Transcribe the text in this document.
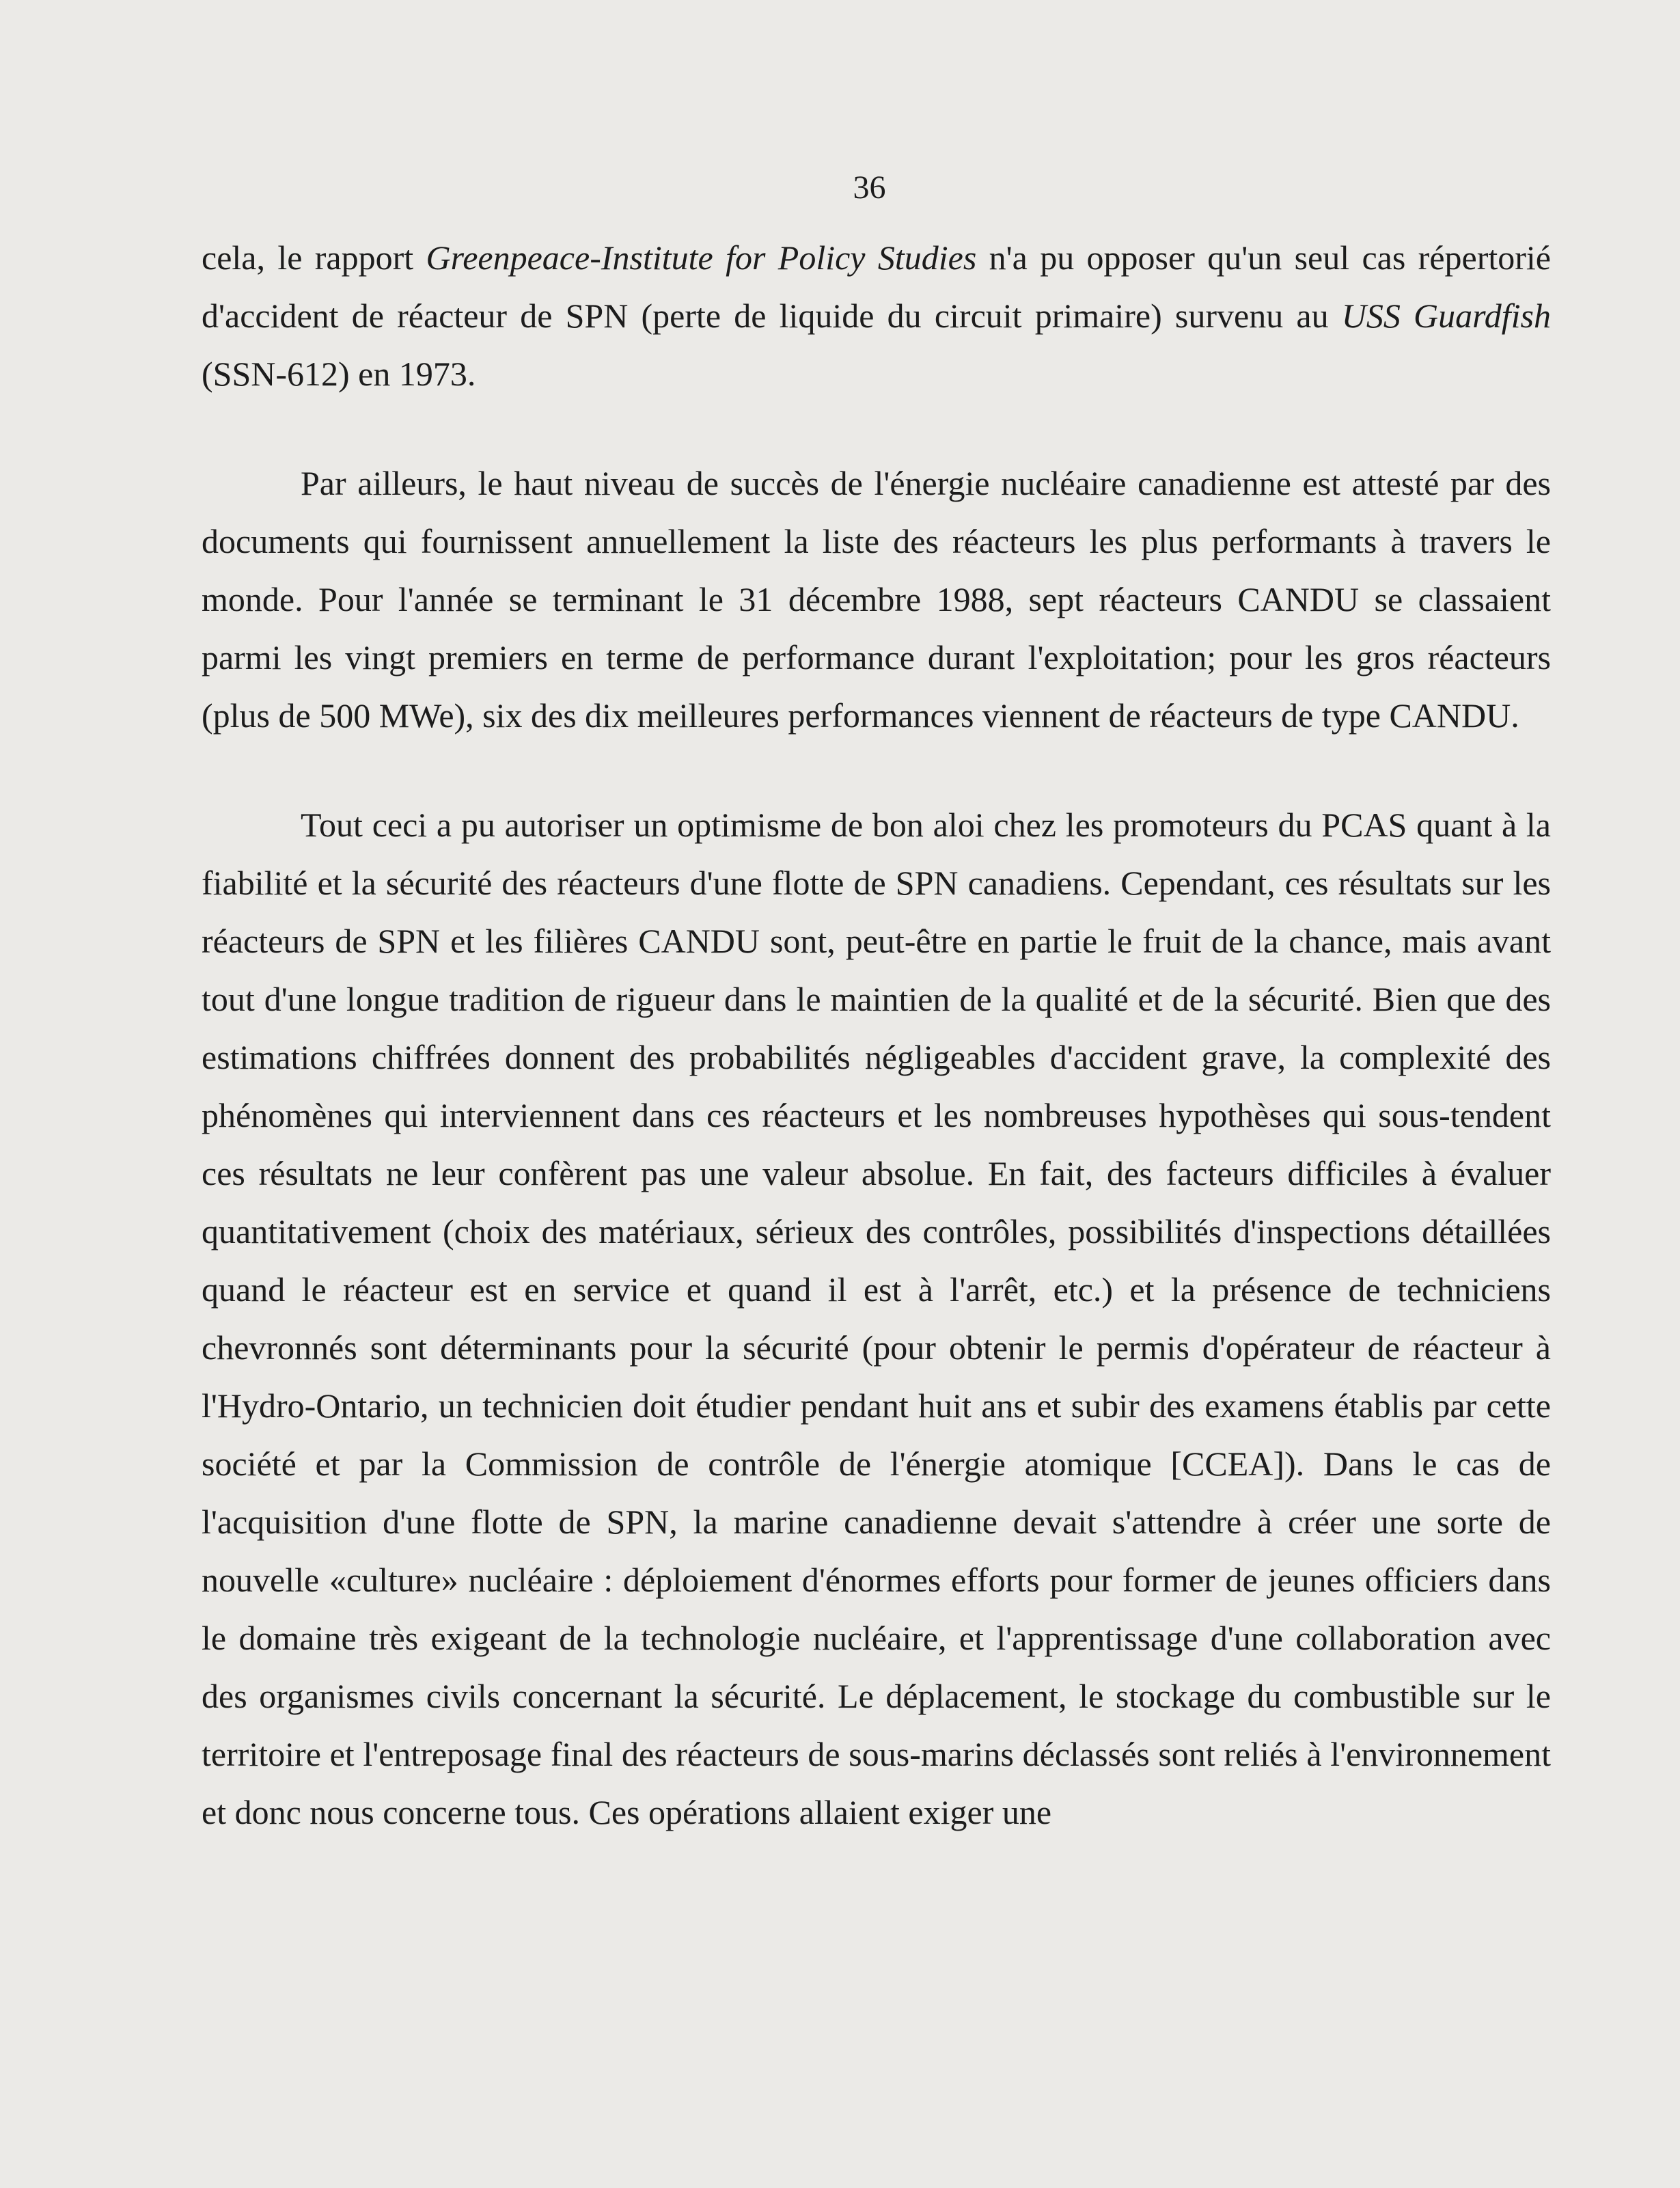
36

cela, le rapport Greenpeace-Institute for Policy Studies n'a pu opposer qu'un seul cas répertorié d'accident de réacteur de SPN (perte de liquide du circuit primaire) survenu au USS Guardfish (SSN-612) en 1973.

Par ailleurs, le haut niveau de succès de l'énergie nucléaire canadienne est attesté par des documents qui fournissent annuellement la liste des réacteurs les plus performants à travers le monde. Pour l'année se terminant le 31 décembre 1988, sept réacteurs CANDU se classaient parmi les vingt premiers en terme de performance durant l'exploitation; pour les gros réacteurs (plus de 500 MWe), six des dix meilleures performances viennent de réacteurs de type CANDU.

Tout ceci a pu autoriser un optimisme de bon aloi chez les promoteurs du PCAS quant à la fiabilité et la sécurité des réacteurs d'une flotte de SPN canadiens. Cependant, ces résultats sur les réacteurs de SPN et les filières CANDU sont, peut-être en partie le fruit de la chance, mais avant tout d'une longue tradition de rigueur dans le maintien de la qualité et de la sécurité. Bien que des estimations chiffrées donnent des probabilités négligeables d'accident grave, la complexité des phénomènes qui interviennent dans ces réacteurs et les nombreuses hypothèses qui sous-tendent ces résultats ne leur confèrent pas une valeur absolue. En fait, des facteurs difficiles à évaluer quantitativement (choix des matériaux, sérieux des contrôles, possibilités d'inspections détaillées quand le réacteur est en service et quand il est à l'arrêt, etc.) et la présence de techniciens chevronnés sont déterminants pour la sécurité (pour obtenir le permis d'opérateur de réacteur à l'Hydro-Ontario, un technicien doit étudier pendant huit ans et subir des examens établis par cette société et par la Commission de contrôle de l'énergie atomique [CCEA]). Dans le cas de l'acquisition d'une flotte de SPN, la marine canadienne devait s'attendre à créer une sorte de nouvelle «culture» nucléaire : déploiement d'énormes efforts pour former de jeunes officiers dans le domaine très exigeant de la technologie nucléaire, et l'apprentissage d'une collaboration avec des organismes civils concernant la sécurité. Le déplacement, le stockage du combustible sur le territoire et l'entreposage final des réacteurs de sous-marins déclassés sont reliés à l'environnement et donc nous concerne tous. Ces opérations allaient exiger une
